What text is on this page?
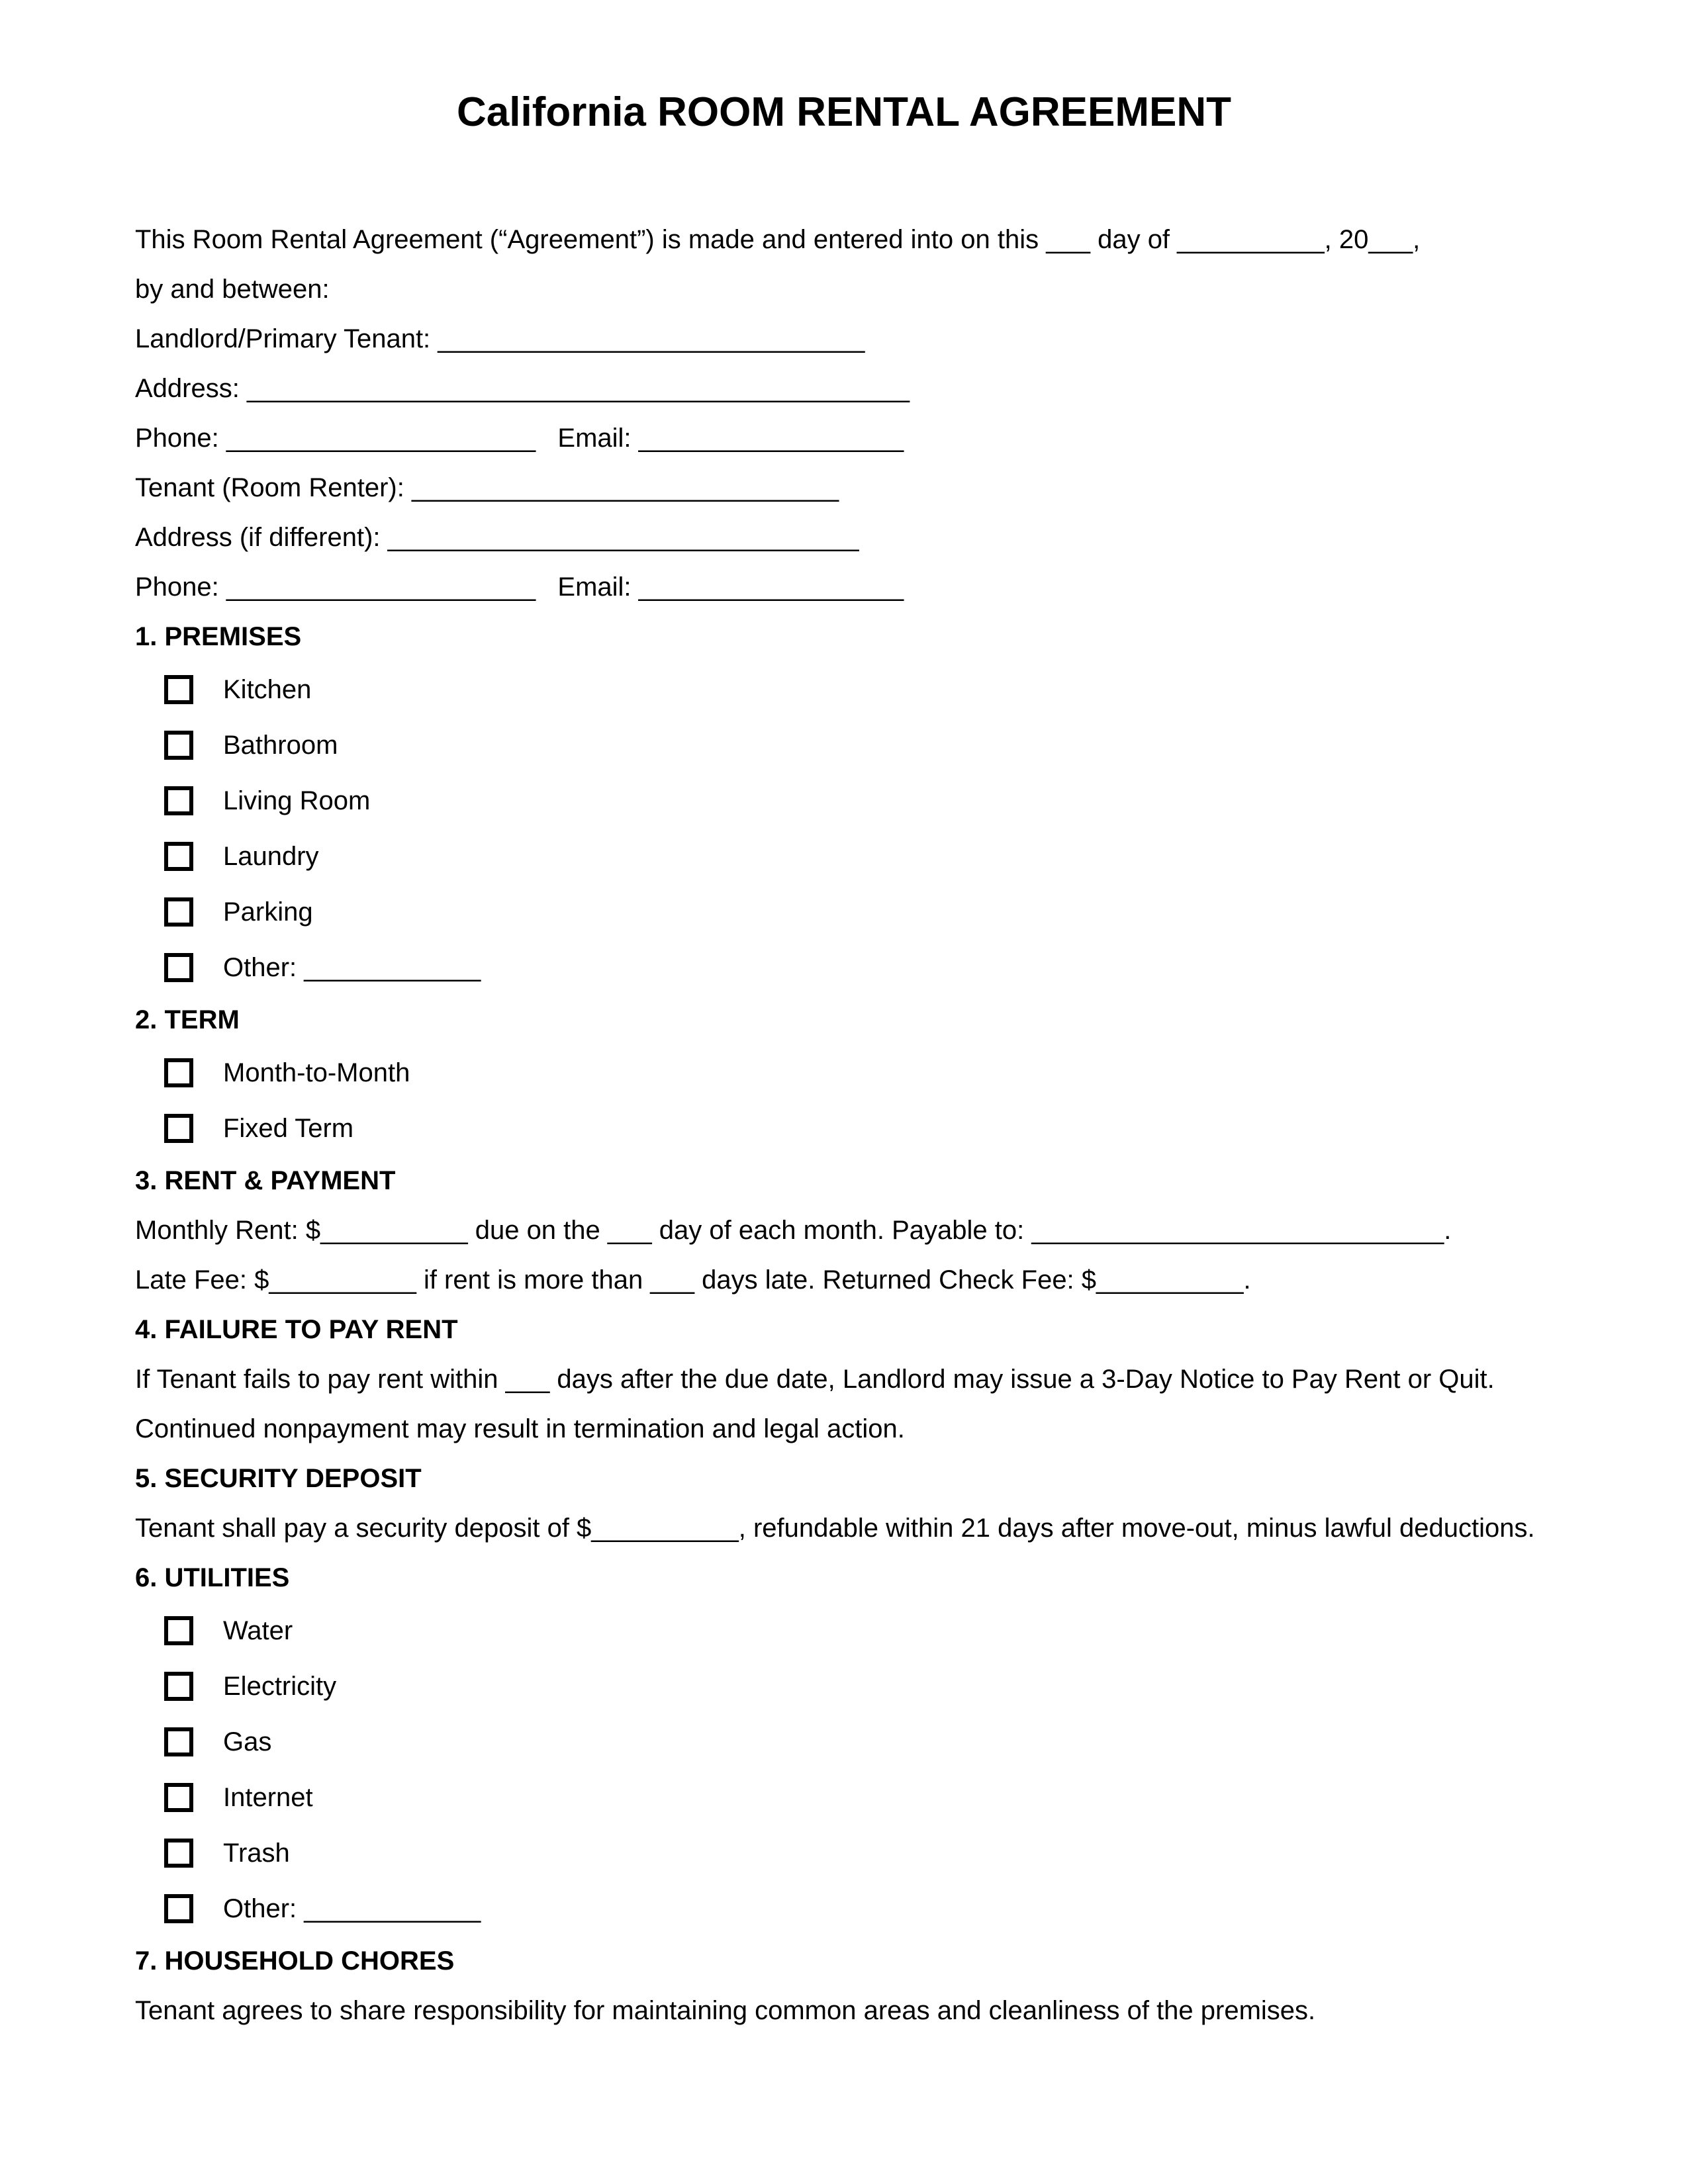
California ROOM RENTAL AGREEMENT
This Room Rental Agreement (“Agreement”) is made and entered into on this ___ day of __________, 20___,
by and between:
Landlord/Primary Tenant: _____________________________
Address: _____________________________________________
Phone: _____________________   Email: __________________
Tenant (Room Renter): _____________________________
Address (if different): ________________________________
Phone: _____________________   Email: __________________
1. PREMISES
Kitchen
Bathroom
Living Room
Laundry
Parking
Other: ____________
2. TERM
Month-to-Month
Fixed Term
3. RENT & PAYMENT
Monthly Rent: $__________ due on the ___ day of each month. Payable to: ____________________________.
Late Fee: $__________ if rent is more than ___ days late. Returned Check Fee: $__________.
4. FAILURE TO PAY RENT
If Tenant fails to pay rent within ___ days after the due date, Landlord may issue a 3-Day Notice to Pay Rent or Quit.
Continued nonpayment may result in termination and legal action.
5. SECURITY DEPOSIT
Tenant shall pay a security deposit of $__________, refundable within 21 days after move-out, minus lawful deductions.
6. UTILITIES
Water
Electricity
Gas
Internet
Trash
Other: ____________
7. HOUSEHOLD CHORES
Tenant agrees to share responsibility for maintaining common areas and cleanliness of the premises.
